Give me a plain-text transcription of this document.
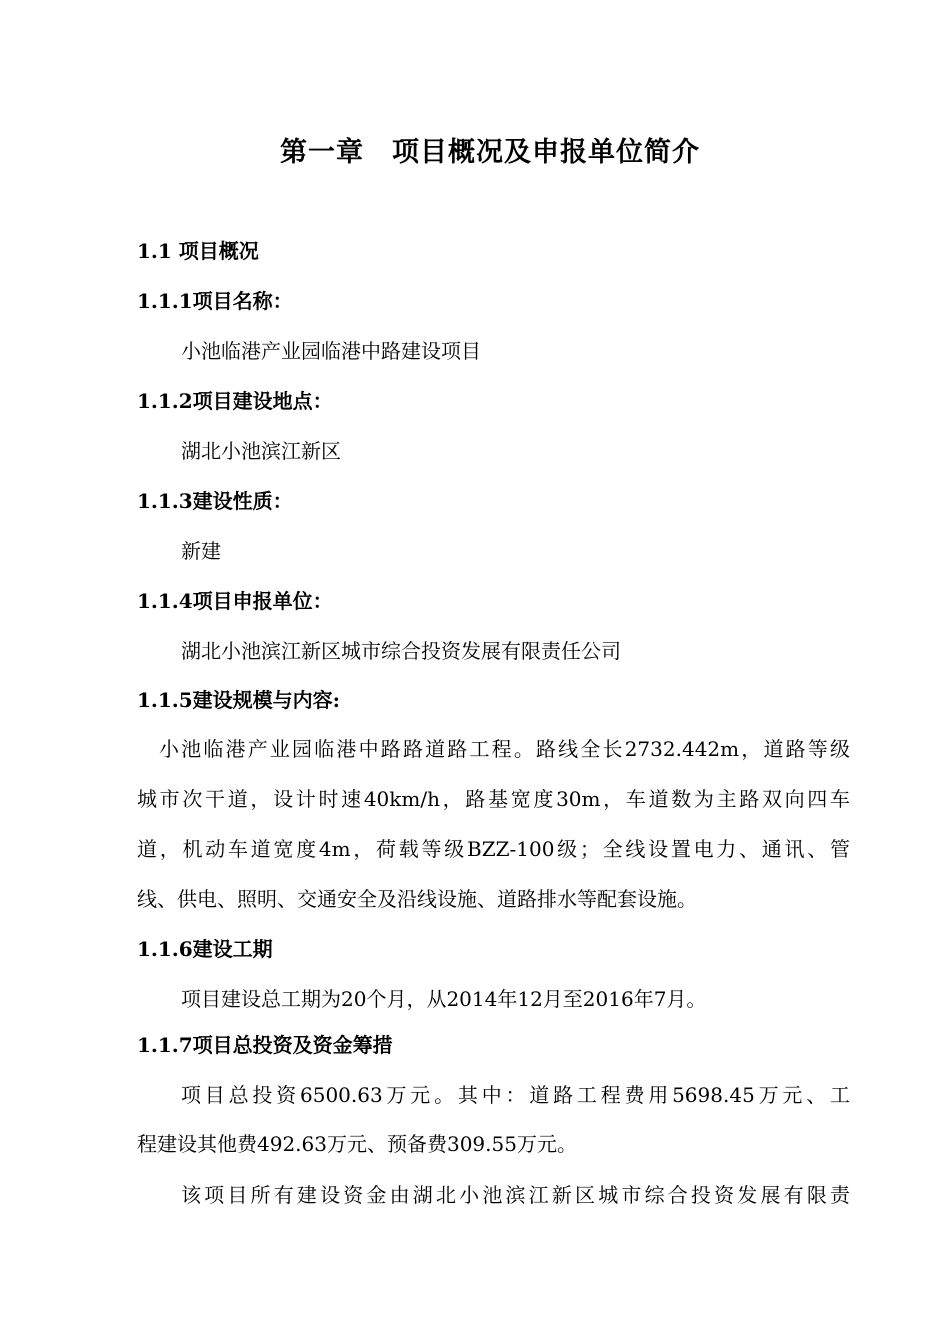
第一章　项目概况及申报单位简介
1.1 项目概况
1.1.1项目名称：
小池临港产业园临港中路建设项目
1.1.2项目建设地点：
湖北小池滨江新区
1.1.3建设性质：
新建
1.1.4项目申报单位：
湖北小池滨江新区城市综合投资发展有限责任公司
1.1.5建设规模与内容:
小池临港产业园临港中路路道路工程。路线全长2732.442m，道路等级
城市次干道，设计时速40km/h，路基宽度30m，车道数为主路双向四车
道，机动车道宽度4m，荷载等级BZZ-100级；全线设置电力、通讯、管
线、供电、照明、交通安全及沿线设施、道路排水等配套设施。
1.1.6建设工期
项目建设总工期为20个月，从2014年12月至2016年7月。
1.1.7项目总投资及资金筹措
项目总投资6500.63万元。其中：道路工程费用5698.45万元、工
程建设其他费492.63万元、预备费309.55万元。
该项目所有建设资金由湖北小池滨江新区城市综合投资发展有限责
